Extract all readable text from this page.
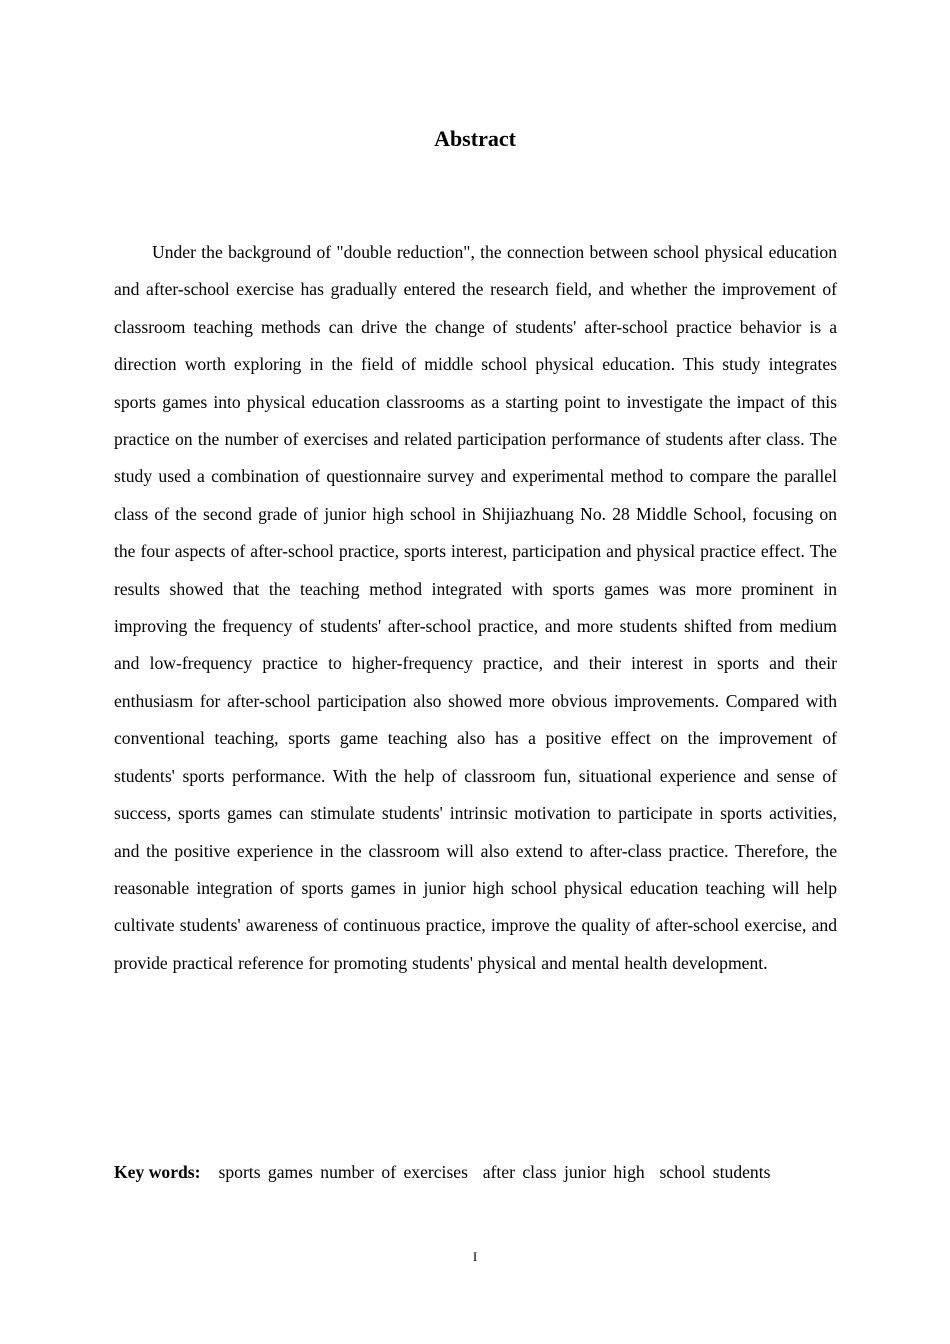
Abstract

Under the background of "double reduction", the connection between school physical education and after-school exercise has gradually entered the research field, and whether the improvement of classroom teaching methods can drive the change of students' after-school practice behavior is a direction worth exploring in the field of middle school physical education. This study integrates sports games into physical education classrooms as a starting point to investigate the impact of this practice on the number of exercises and related participation performance of students after class. The study used a combination of questionnaire survey and experimental method to compare the parallel class of the second grade of junior high school in Shijiazhuang No. 28 Middle School, focusing on the four aspects of after-school practice, sports interest, participation and physical practice effect. The results showed that the teaching method integrated with sports games was more prominent in improving the frequency of students' after-school practice, and more students shifted from medium and low-frequency practice to higher-frequency practice, and their interest in sports and their enthusiasm for after-school participation also showed more obvious improvements. Compared with conventional teaching, sports game teaching also has a positive effect on the improvement of students' sports performance. With the help of classroom fun, situational experience and sense of success, sports games can stimulate students' intrinsic motivation to participate in sports activities, and the positive experience in the classroom will also extend to after-class practice. Therefore, the reasonable integration of sports games in junior high school physical education teaching will help cultivate students' awareness of continuous practice, improve the quality of after-school exercise, and provide practical reference for promoting students' physical and mental health development.

Key words: sports games number of exercises  after class junior high  school students

I
